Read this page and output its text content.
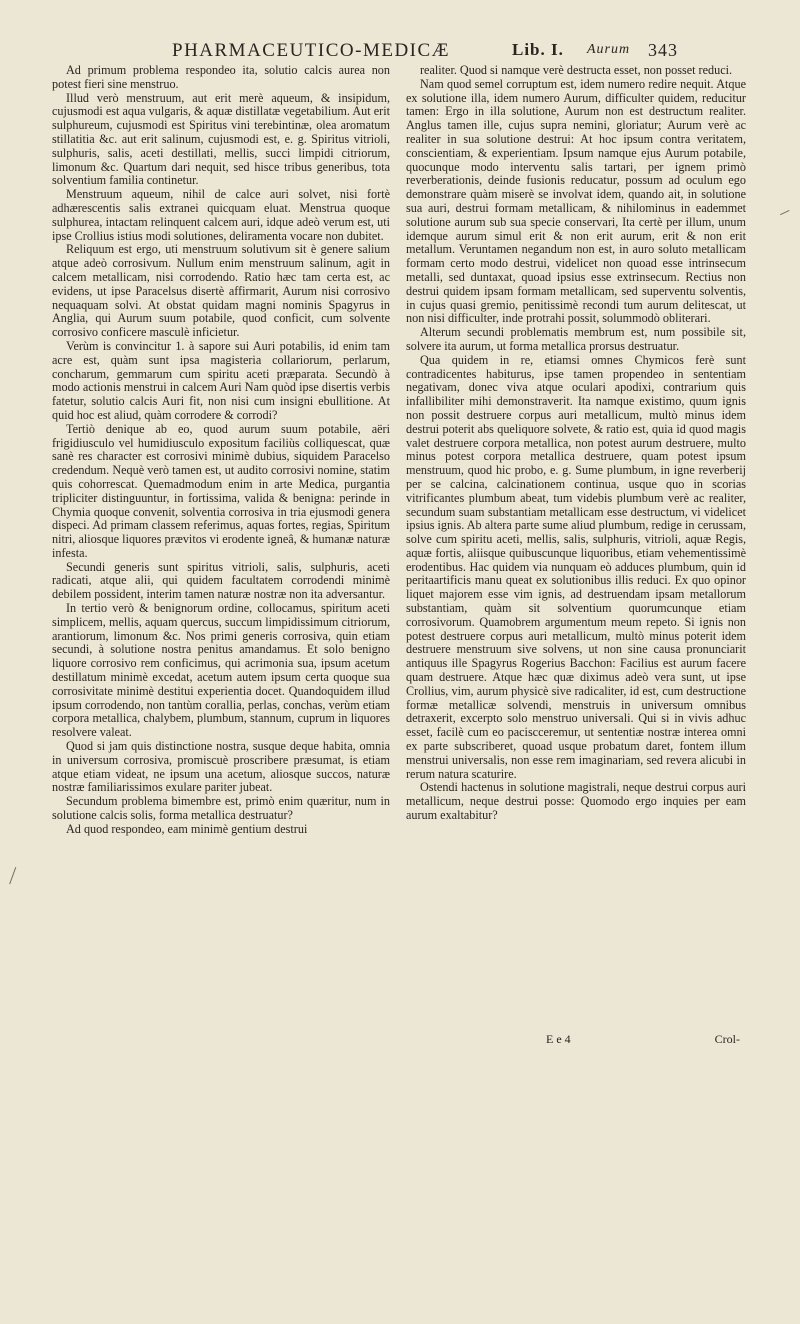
PHARMACEUTICO-MEDICÆ	Lib. I. Aurum 343

Ad primum problema respondeo ita, solutio calcis aurea non potest fieri sine menstruo.

Illud verò menstruum, aut erit merè aqueum, & insipidum, cujusmodi est aqua vulgaris, & aquæ distillatæ vegetabilium. Aut erit sulphureum, cujusmodi est Spiritus vini terebintinæ, olea aromatum stillatitia &c. aut erit salinum, cujusmodi est, e. g. Spiritus vitrioli, sulphuris, salis, aceti destillati, mellis, succi limpidi citriorum, limonum &c. Quartum dari nequit, sed hisce tribus generibus, tota solventium familia continetur.

Menstruum aqueum, nihil de calce auri solvet, nisi fortè adhærescentis salis extranei quicquam eluat. Menstrua quoque sulphurea, intactam relinquent calcem auri, idque adeò verum est, uti ipse Crollius istius modi solutiones, deliramenta vocare non dubitet.

Reliquum est ergo, uti menstruum solutivum sit è genere salium atque adeò corrosivum. Nullum enim menstruum salinum, agit in calcem metallicam, nisi corrodendo. Ratio hæc tam certa est, ac evidens, ut ipse Paracelsus disertè affirmarit, Aurum nisi corrosivo nequaquam solvi. At obstat quidam magni nominis Spagyrus in Anglia, qui Aurum suum potabile, quod conficit, cum solvente corrosivo conficere masculè inficietur.

Verùm is convincitur 1. à sapore sui Auri potabilis, id enim tam acre est, quàm sunt ipsa magisteria collariorum, perlarum, concharum, gemmarum cum spiritu aceti præparata. Secundò à modo actionis menstrui in calcem Auri Nam quòd ipse disertis verbis fatetur, solutio calcis Auri fit, non nisi cum insigni ebullitione. At quid hoc est aliud, quàm corrodere & corrodi?

Tertiò denique ab eo, quod aurum suum potabile, aëri frigidiusculo vel humidiusculo expositum faciliùs colliquescat, quæ sanè res character est corrosivi minimè dubius, siquidem Paracelso credendum. Nequè verò tamen est, ut audito corrosivi nomine, statim quis cohorrescat. Quemadmodum enim in arte Medica, purgantia tripliciter distinguuntur, in fortissima, valida & benigna: perinde in Chymia quoque convenit, solventia corrosiva in tria ejusmodi genera dispeci. Ad primam classem referimus, aquas fortes, regias, Spiritum nitri, aliosque liquores prævitos vi erodente igneâ, & humanæ naturæ infesta.

Secundi generis sunt spiritus vitrioli, salis, sulphuris, aceti radicati, atque alii, qui quidem facultatem corrodendi minimè debilem possident, interim tamen naturæ nostræ non ita adversantur.

In tertio verò & benignorum ordine, collocamus, spiritum aceti simplicem, mellis, aquam quercus, succum limpidissimum citriorum, arantiorum, limonum &c. Nos primi generis corrosiva, quin etiam secundi, à solutione nostra penitus amandamus. Et solo benigno liquore corrosivo rem conficimus, qui acrimonia sua, ipsum acetum destillatum minimè excedat, acetum autem ipsum certa quoque sua corrosivitate minimè destitui experientia docet. Quandoquidem illud ipsum corrodendo, non tantùm corallia, perlas, conchas, verùm etiam corpora metallica, chalybem, plumbum, stannum, cuprum in liquores resolvere valeat.

Quod si jam quis distinctione nostra, susque deque habita, omnia in universum corrosiva, promiscuè proscribere præsumat, is etiam atque etiam videat, ne ipsum una acetum, aliosque succos, naturæ nostræ familiarissimos exulare pariter jubeat.

Secundum problema bimembre est, primò enim quæritur, num in solutione calcis solis, forma metallica destruatur?

Ad quod respondeo, eam minimè gentium destrui

realiter. Quod si namque verè destructa esset, non posset reduci.

Nam quod semel corruptum est, idem numero redire nequit. Atque ex solutione illa, idem numero Aurum, difficulter quidem, reducitur tamen: Ergo in illa solutione, Aurum non est destructum realiter. Anglus tamen ille, cujus supra nemini, gloriatur; Aurum verè ac realiter in sua solutione destrui: At hoc ipsum contra veritatem, conscientiam, & experientiam. Ipsum namque ejus Aurum potabile, quocunque modo interventu salis tartari, per ignem primò reverberationis, deinde fusionis reducatur, possum ad oculum ego demonstrare quàm miserè se involvat idem, quando ait, in solutione sua auri, destrui formam metallicam, & nihilominus in eademmet solutione aurum sub sua specie conservari, Ita certè per illum, unum idemque aurum simul erit & non erit aurum, erit & non erit metallum. Veruntamen negandum non est, in auro soluto metallicam formam certo modo destrui, videlicet non quoad esse intrinsecum metalli, sed duntaxat, quoad ipsius esse extrinsecum. Rectius non destrui quidem ipsam formam metallicam, sed superventu solventis, in cujus quasi gremio, penitissimè recondi tum aurum delitescat, ut non nisi difficulter, inde protrahi possit, solummodò obliterari.

Alterum secundi problematis membrum est, num possibile sit, solvere ita aurum, ut forma metallica prorsus destruatur.

Qua quidem in re, etiamsi omnes Chymicos ferè sunt contradicentes habiturus, ipse tamen propendeo in sententiam negativam, donec viva atque oculari apodixi, contrarium quis infallibiliter mihi demonstraverit. Ita namque existimo, quum ignis non possit destruere corpus auri metallicum, multò minus idem destrui poterit abs queliquore solvete, & ratio est, quia id quod magis valet destruere corpora metallica, non potest aurum destruere, multo minus potest corpora metallica destruere, quam potest ipsum menstruum, quod hic probo, e. g. Sume plumbum, in igne reverberij per se calcina, calcinationem continua, usque quo in scorias vitrificantes plumbum abeat, tum videbis plumbum verè ac realiter, secundum suam substantiam metallicam esse destructum, vi videlicet ipsius ignis. Ab altera parte sume aliud plumbum, redige in cerussam, solve cum spiritu aceti, mellis, salis, sulphuris, vitrioli, aquæ Regis, aquæ fortis, aliisque quibuscunque liquoribus, etiam vehementissimè erodentibus. Hac quidem via nunquam eò adduces plumbum, quin id peritaartificis manu queat ex solutionibus illis reduci. Ex quo opinor liquet majorem esse vim ignis, ad destruendam ipsam metallorum substantiam, quàm sit solventium quorumcunque etiam corrosivorum. Quamobrem argumentum meum repeto. Si ignis non potest destruere corpus auri metallicum, multò minus poterit idem destruere menstruum sive solvens, ut non sine causa pronunciarit antiquus ille Spagyrus Rogerius Bacchon: Facilius est aurum facere quam destruere. Atque hæc quæ diximus adeò vera sunt, ut ipse Crollius, vim, aurum physicè sive radicaliter, id est, cum destructione formæ metallicæ solvendi, menstruis in universum omnibus detraxerit, excerpto solo menstruo universali. Qui si in vivis adhuc esset, facilè cum eo paciscceremur, ut sententiæ nostræ interea omni ex parte subscriberet, quoad usque probatum daret, fontem illum menstrui universalis, non esse rem imaginariam, sed revera alicubi in rerum natura scaturire.

Ostendi hactenus in solutione magistrali, neque destrui corpus auri metallicum, neque destrui posse: Quomodo ergo inquies per eam aurum exaltabitur?

E e 4	Crol-
